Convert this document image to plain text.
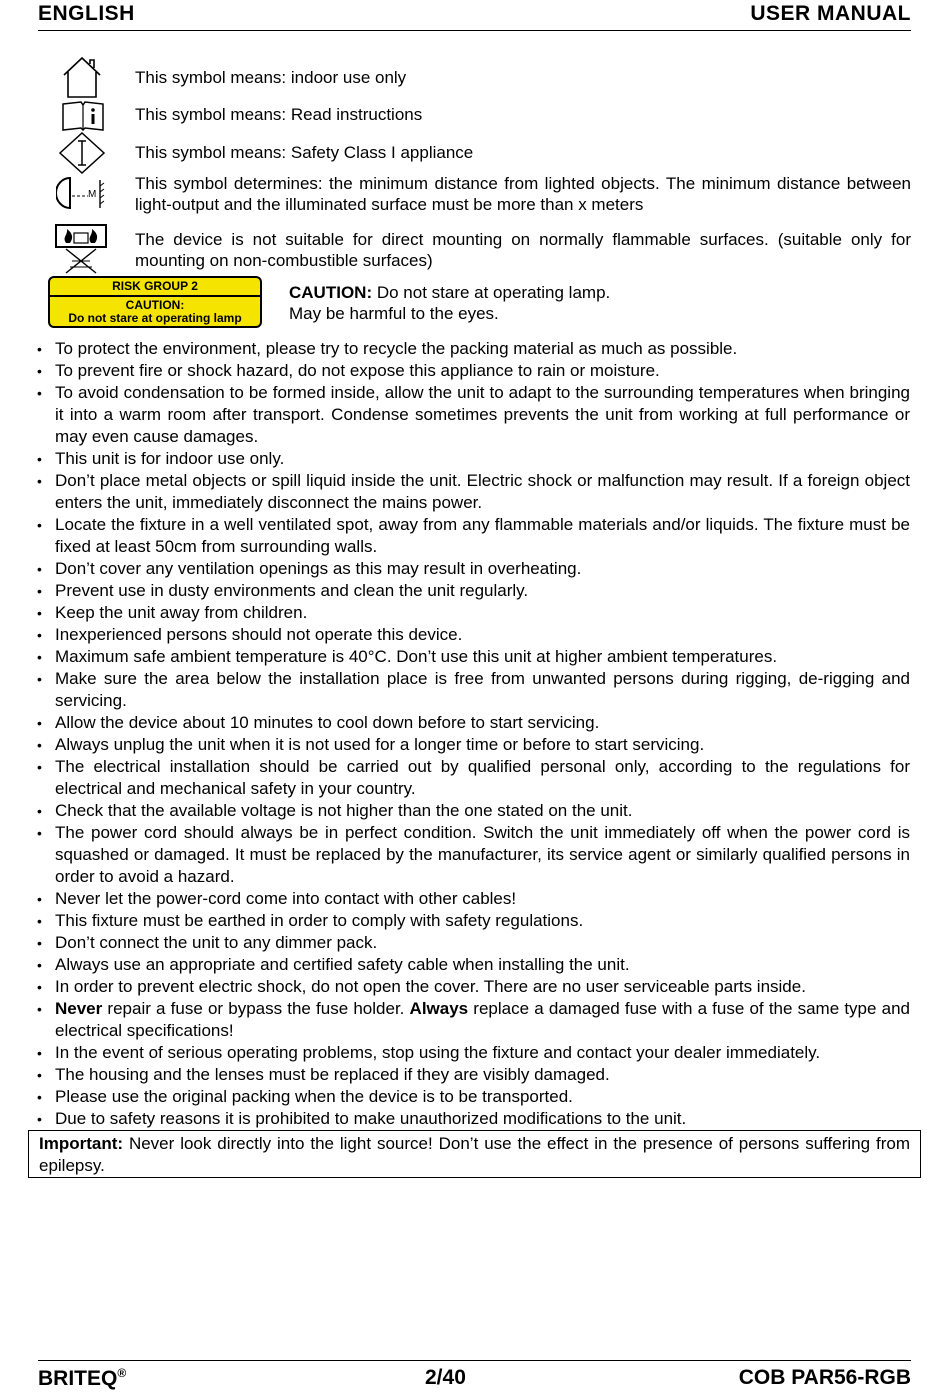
ENGLISH	USER MANUAL
M
This symbol means: indoor use only
This symbol means: Read instructions
This symbol means: Safety Class I appliance
This symbol determines: the minimum distance from lighted objects. The minimum distance between light-output and the illuminated surface must be more than x meters
The device is not suitable for direct mounting on normally flammable surfaces. (suitable only for mounting on non-combustible surfaces)
RISK GROUP 2
CAUTION:
Do not stare at operating lamp
CAUTION: Do not stare at operating lamp.
May be harmful to the eyes.
• To protect the environment, please try to recycle the packing material as much as possible.
• To prevent fire or shock hazard, do not expose this appliance to rain or moisture.
• To avoid condensation to be formed inside, allow the unit to adapt to the surrounding temperatures when bringing it into a warm room after transport. Condense sometimes prevents the unit from working at full performance or may even cause damages.
• This unit is for indoor use only.
• Don’t place metal objects or spill liquid inside the unit. Electric shock or malfunction may result. If a foreign object enters the unit, immediately disconnect the mains power.
• Locate the fixture in a well ventilated spot, away from any flammable materials and/or liquids. The fixture must be fixed at least 50cm from surrounding walls.
• Don’t cover any ventilation openings as this may result in overheating.
• Prevent use in dusty environments and clean the unit regularly.
• Keep the unit away from children.
• Inexperienced persons should not operate this device.
• Maximum safe ambient temperature is 40°C. Don’t use this unit at higher ambient temperatures.
• Make sure the area below the installation place is free from unwanted persons during rigging, de-rigging and servicing.
• Allow the device about 10 minutes to cool down before to start servicing.
• Always unplug the unit when it is not used for a longer time or before to start servicing.
• The electrical installation should be carried out by qualified personal only, according to the regulations for electrical and mechanical safety in your country.
• Check that the available voltage is not higher than the one stated on the unit.
• The power cord should always be in perfect condition. Switch the unit immediately off when the power cord is squashed or damaged. It must be replaced by the manufacturer, its service agent or similarly qualified persons in order to avoid a hazard.
• Never let the power-cord come into contact with other cables!
• This fixture must be earthed in order to comply with safety regulations.
• Don’t connect the unit to any dimmer pack.
• Always use an appropriate and certified safety cable when installing the unit.
• In order to prevent electric shock, do not open the cover. There are no user serviceable parts inside.
• Never repair a fuse or bypass the fuse holder. Always replace a damaged fuse with a fuse of the same type and electrical specifications!
• In the event of serious operating problems, stop using the fixture and contact your dealer immediately.
• The housing and the lenses must be replaced if they are visibly damaged.
• Please use the original packing when the device is to be transported.
• Due to safety reasons it is prohibited to make unauthorized modifications to the unit.
Important: Never look directly into the light source! Don’t use the effect in the presence of persons suffering from epilepsy.
BRITEQ®	2/40	COB PAR56-RGB
